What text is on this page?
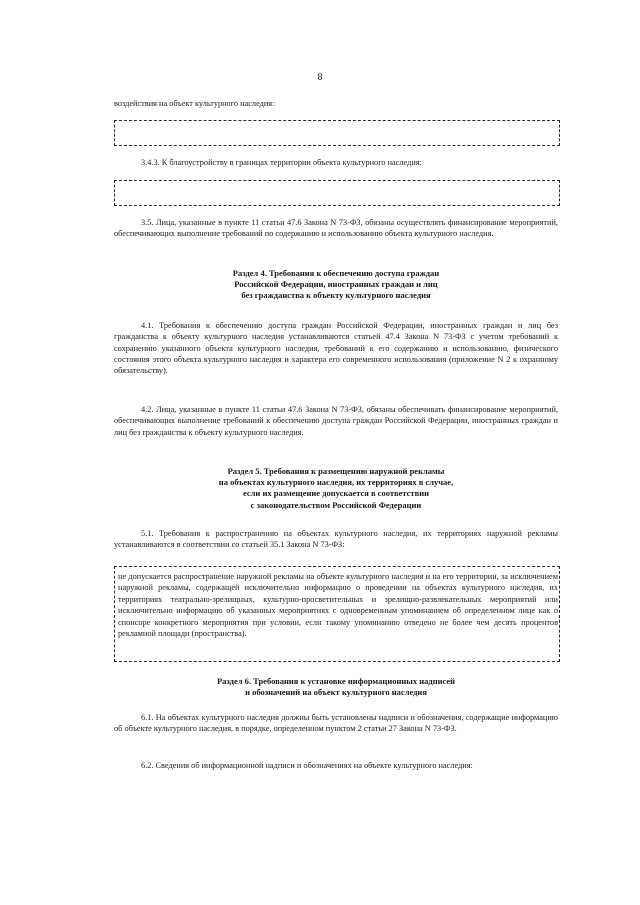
8
воздействия на объект культурного наследия:
3.4.3. К благоустройству в границах территории объекта культурного наследия:
3.5. Лица, указанные в пункте 11 статьи 47.6 Закона N 73-ФЗ, обязаны осуществлять финансирование мероприятий, обеспечивающих выполнение требований по содержанию и использованию объекта культурного наследия.
Раздел 4. Требования к обеспечению доступа граждан
Российской Федерации, иностранных граждан и лиц
без гражданства к объекту культурного наследия
4.1. Требования к обеспечению доступа граждан Российской Федерации, иностранных граждан и лиц без гражданства к объекту культурного наследия устанавливаются статьей 47.4 Закона N 73-ФЗ с учетом требований к сохранению указанного объекта культурного наследия, требований к его содержанию и использованию, физического состояния этого объекта культурного наследия и характера его современного использования (приложение N 2 к охранному обязательству).
4.2. Лица, указанные в пункте 11 статьи 47.6 Закона N 73-ФЗ, обязаны обеспечивать финансирование мероприятий, обеспечивающих выполнение требований к обеспечению доступа граждан Российской Федерации, иностранных граждан и лиц без гражданства к объекту культурного наследия.
Раздел 5. Требования к размещению наружной рекламы
на объектах культурного наследия, их территориях в случае,
если их размещение допускается в соответствии
с законодательством Российской Федерации
5.1. Требования к распространению на объектах культурного наследия, их территориях наружной рекламы устанавливаются в соответствии со статьей 35.1 Закона N 73-ФЗ:
не допускается распространение наружной рекламы на объекте культурного наследия и на его территории, за исключением наружной рекламы, содержащей исключительно информацию о проведении на объектах культурного наследия, их территориях театрально-зрелищных, культурно-просветительных и зрелищно-развлекательных мероприятий или исключительно информацию об указанных мероприятиях с одновременным упоминанием об определенном лице как о спонсоре конкретного мероприятия при условии, если такому упоминанию отведено не более чем десять процентов рекламной площади (пространства).
Раздел 6. Требования к установке информационных надписей
и обозначений на объект культурного наследия
6.1. На объектах культурного наследия должны быть установлены надписи и обозначения, содержащие информацию об объекте культурного наследия, в порядке, определенном пунктом 2 статьи 27 Закона N 73-ФЗ.
6.2. Сведения об информационной надписи и обозначениях на объекте культурного наследия:
